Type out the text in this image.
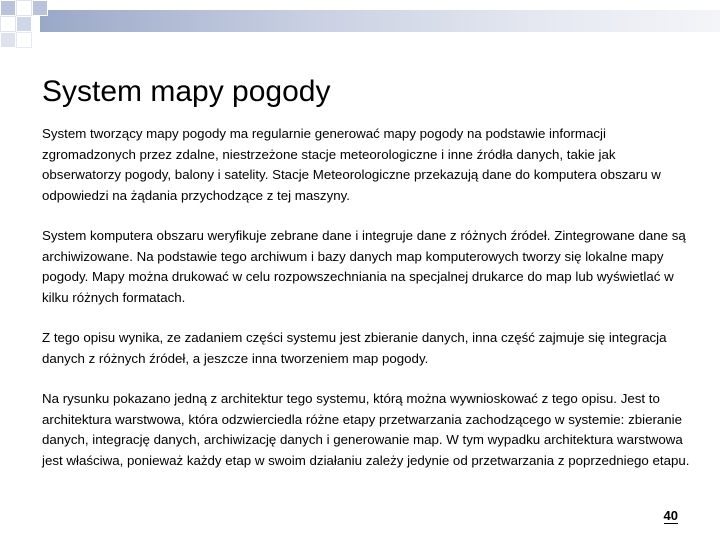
System mapy pogody

System tworzący mapy pogody ma regularnie generować mapy pogody na podstawie informacji zgromadzonych przez zdalne, niestrzeżone stacje meteorologiczne i inne źródła danych, takie jak obserwatorzy pogody, balony i satelity. Stacje Meteorologiczne przekazują dane do komputera obszaru w odpowiedzi na żądania przychodzące z tej maszyny.

System komputera obszaru weryfikuje zebrane dane i integruje dane z różnych źródeł. Zintegrowane dane są archiwizowane. Na podstawie tego archiwum i bazy danych map komputerowych tworzy się lokalne mapy pogody. Mapy można drukować w celu rozpowszechniania na specjalnej drukarce do map lub wyświetlać w kilku różnych formatach.

Z tego opisu wynika, ze zadaniem części systemu jest zbieranie danych, inna część zajmuje się integracja danych z różnych źródeł, a jeszcze inna tworzeniem map pogody.

Na rysunku pokazano jedną z architektur tego systemu, którą można wywnioskować z tego opisu. Jest to architektura warstwowa, która odzwierciedla różne etapy przetwarzania zachodzącego w systemie: zbieranie danych, integrację danych, archiwizację danych i generowanie map. W tym wypadku architektura warstwowa jest właściwa, ponieważ każdy etap w swoim działaniu zależy jedynie od przetwarzania z poprzedniego etapu.

40
